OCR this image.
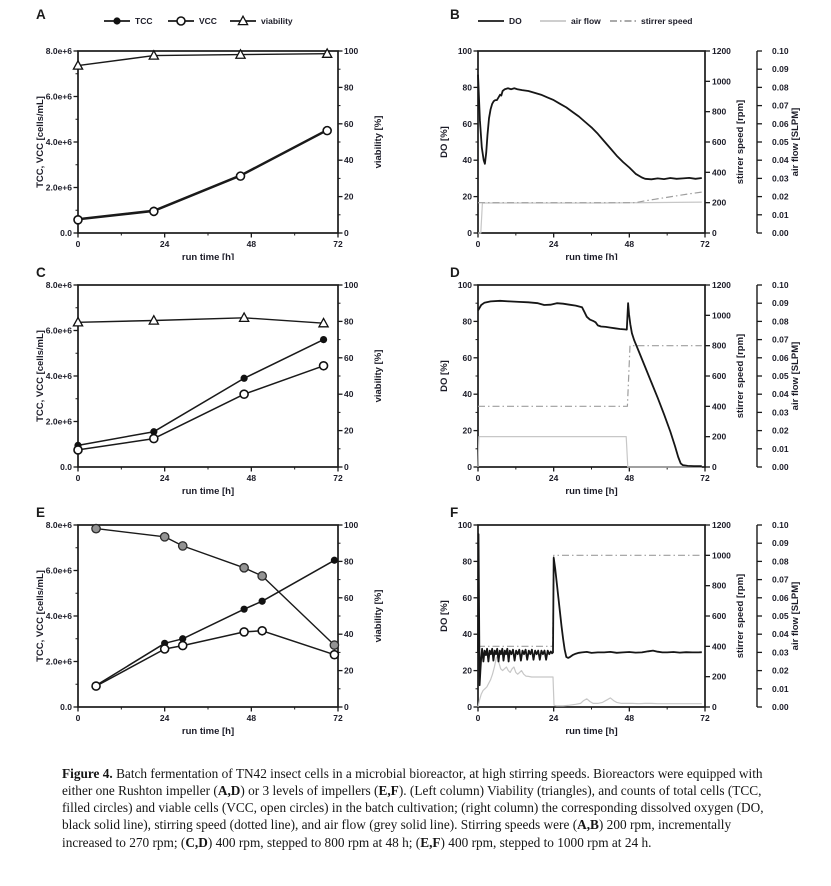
A
0	24	48	72
run time [h]
0.0
2.0e+6
4.0e+6
6.0e+6
8.0e+6
TCC, VCC [cells/mL]
0
20
40
60
80
100
viability [%]
TCC	VCC	viability	B
0	24	48	72
run time [h]
0
20
40
60
80
100
DO [%]
0
200
400
600
800
1000
1200
stirrer speed [rpm]
0.00
0.01
0.02
0.03
0.04
0.05
0.06
0.07
0.08
0.09
0.10
air flow [SLPM]
DO	air flow	stirrer speed
C
0	24	48	72
run time [h]
0.0
2.0e+6
4.0e+6
6.0e+6
8.0e+6
TCC, VCC [cells/mL]
0
20
40
60
80
100
viability [%]
D
0	24	48	72
run time [h]
0
20
40
60
80
100
DO [%]
0
200
400
600
800
1000
1200
stirrer speed [rpm]
0.00
0.01
0.02
0.03
0.04
0.05
0.06
0.07
0.08
0.09
0.10
air flow [SLPM]
E
0	24	48	72
run time [h]
0.0
2.0e+6
4.0e+6
6.0e+6
8.0e+6
TCC, VCC [cells/mL]
0
20
40
60
80
100
viability [%]
F
0	24	48	72
run time [h]
0
20
40
60
80
100
DO [%]
0
200
400
600
800
1000
1200
stirrer speed [rpm]
0.00
0.01
0.02
0.03
0.04
0.05
0.06
0.07
0.08
0.09
0.10
air flow [SLPM]
Figure 4. Batch fermentation of TN42 insect cells in a microbial bioreactor, at high stirring speeds. Bioreactors were equipped with either one Rushton impeller (A,D) or 3 levels of impellers (E,F). (Left column) Viability (triangles), and counts of total cells (TCC, filled circles) and viable cells (VCC, open circles) in the batch cultivation; (right column) the corresponding dissolved oxygen (DO, black solid line), stirring speed (dotted line), and air flow (grey solid line). Stirring speeds were (A,B) 200 rpm, incrementally increased to 270 rpm; (C,D) 400 rpm, stepped to 800 rpm at 48 h; (E,F) 400 rpm, stepped to 1000 rpm at 24 h.
